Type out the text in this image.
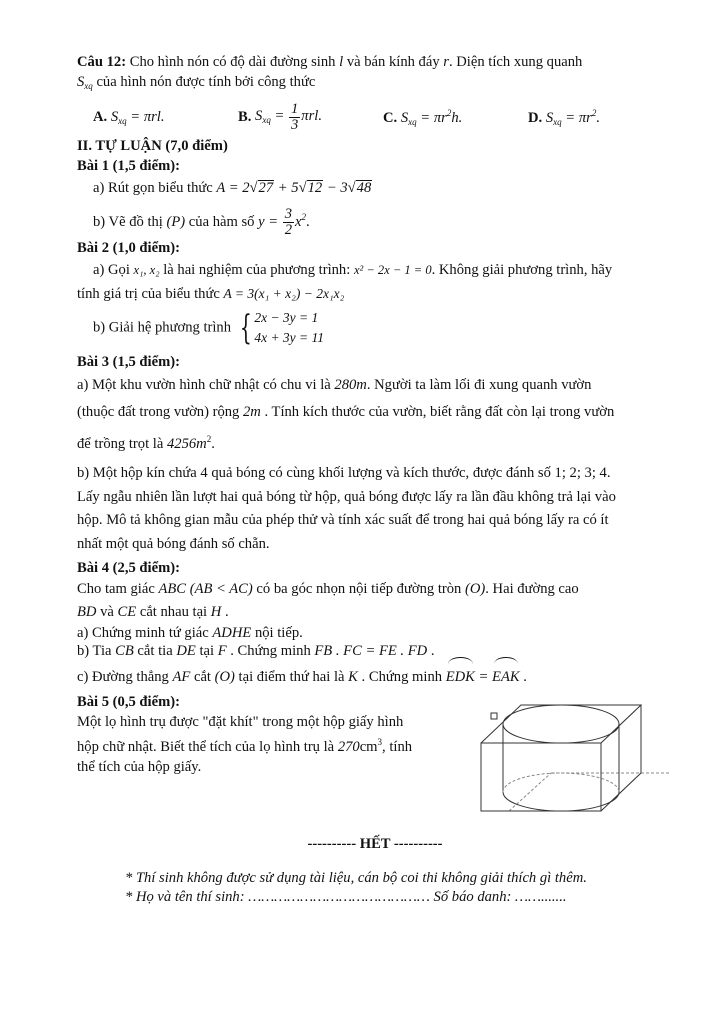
Câu 12: Cho hình nón có độ dài đường sinh l và bán kính đáy r. Diện tích xung quanh

$S_{xq}$ của hình nón được tính bởi công thức

A. $S_{xq} = \pi rl$.	B. $S_{xq} = \frac{1}{3} \pi rl$.	C. $S_{xq} = \pi r^2h$.	D. $S_{xq} = \pi r^2$.

II. TỰ LUẬN (7,0 điểm)

Bài 1 (1,5 điểm):

a) Rút gọn biểu thức A = 2√27 + 5√12 − 3√48

b) Vẽ đồ thị (P) của hàm số $y = \frac{3}{2} x^2$.

Bài 2 (1,0 điểm):

a) Gọi x₁, x₂ là hai nghiệm của phương trình: x² − 2x − 1 = 0. Không giải phương trình, hãy

tính giá trị của biểu thức A = 3(x₁ + x₂) − 2x₁x₂

b) Giải hệ phương trình { 2x − 3y = 1
4x + 3y = 11

Bài 3 (1,5 điểm):

a) Một khu vườn hình chữ nhật có chu vi là 280m. Người ta làm lối đi xung quanh vườn
(thuộc đất trong vườn) rộng 2m . Tính kích thước của vườn, biết rằng đất còn lại trong vườn
để trồng trọt là $4256m^2$.

b) Một hộp kín chứa 4 quả bóng có cùng khối lượng và kích thước, được đánh số 1; 2; 3; 4.
Lấy ngẫu nhiên lần lượt hai quả bóng từ hộp, quả bóng được lấy ra lần đầu không trả lại vào
hộp. Mô tả không gian mẫu của phép thử và tính xác suất để trong hai quả bóng lấy ra có ít
nhất một quả bóng đánh số chẵn.

Bài 4 (2,5 điểm):

Cho tam giác ABC (AB < AC) có ba góc nhọn nội tiếp đường tròn (O). Hai đường cao
BD và CE cắt nhau tại H .

a) Chứng minh tứ giác ADHE nội tiếp.

b) Tia CB cắt tia DE tại F . Chứng minh FB . FC = FE . FD .

c) Đường thẳng AF cắt (O) tại điểm thứ hai là K . Chứng minh EDK = EAK .

Bài 5 (0,5 điểm):

Một lọ hình trụ được "đặt khít" trong một hộp giấy hình
hộp chữ nhật. Biết thể tích của lọ hình trụ là $270cm^3$, tính
thể tích của hộp giấy.

---------- HẾT ----------

* Thí sinh không được sử dụng tài liệu, cán bộ coi thi không giải thích gì thêm.

* Họ và tên thí sinh: …………………………………… Số báo danh: …….......
